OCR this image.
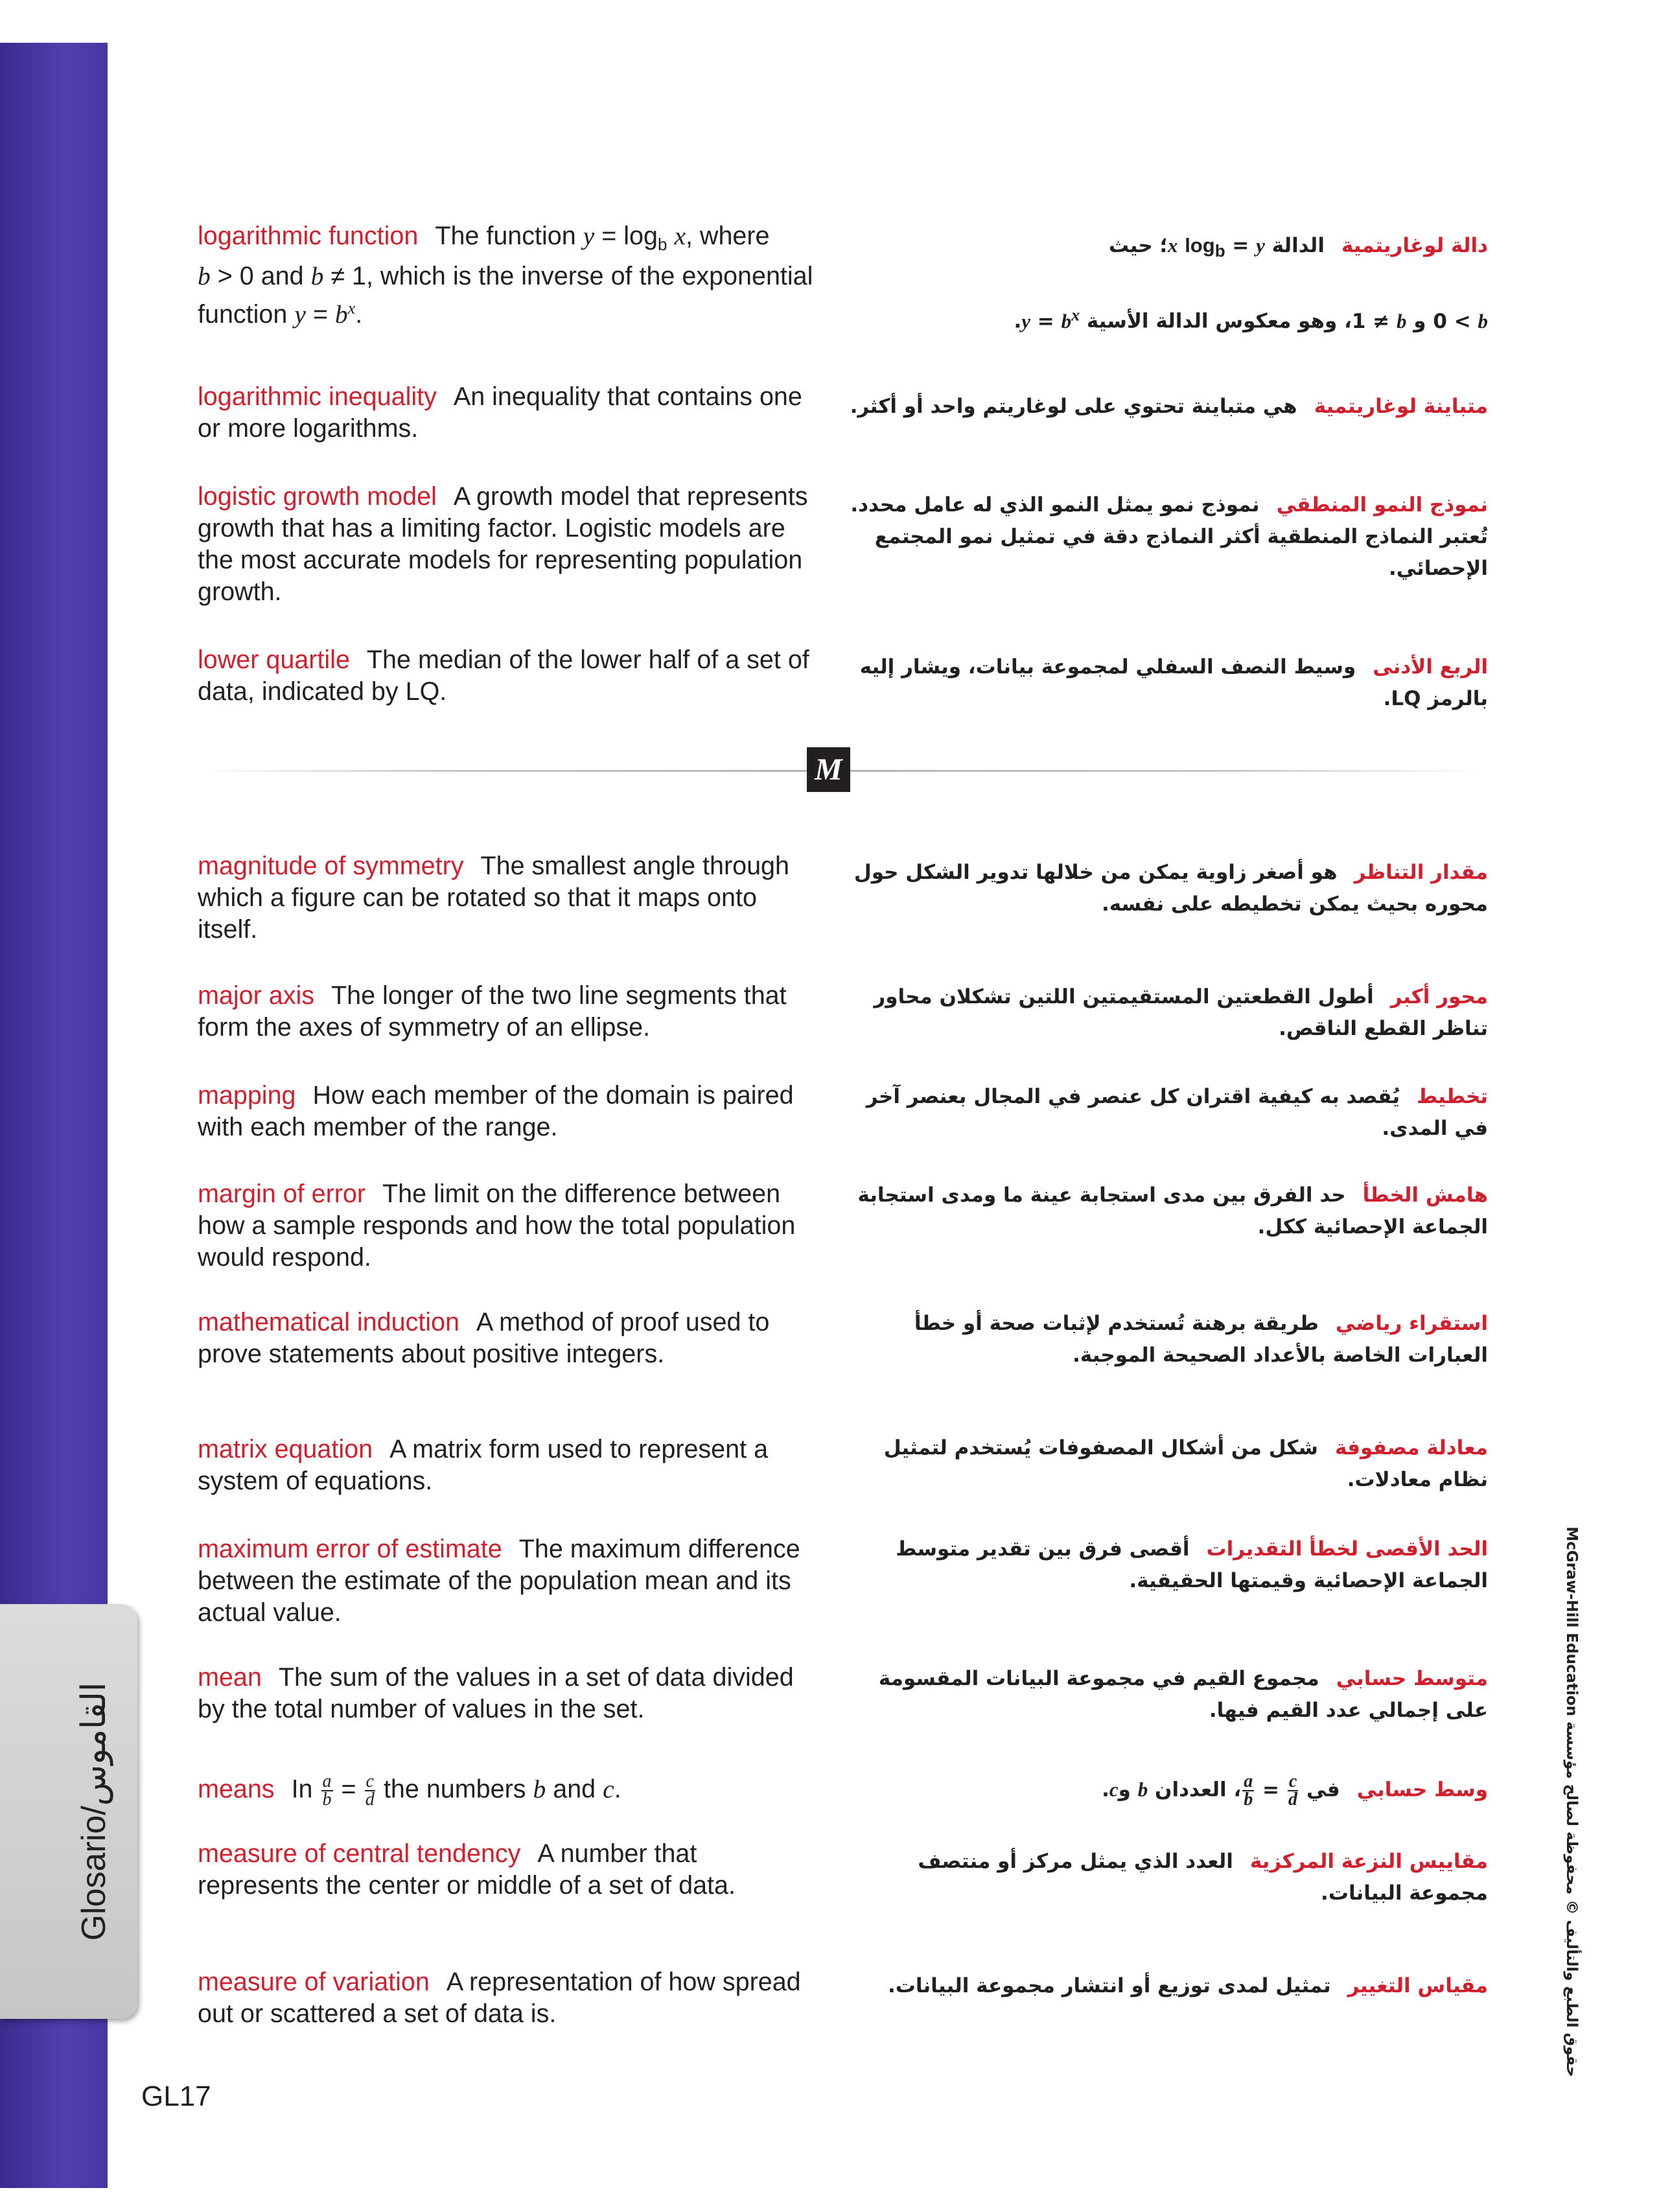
Glosario/القاموس
GL17
حقوق الطبع والتأليف © محفوظة لصالح مؤسسة McGraw-Hill Education
logarithmic function The function $y = \log_b x$, where
b > 0 and b ≠ 1, which is the inverse of the exponential function $y = b^x$.
دالة لوغاريتميةالدالة x $\log_b$ = y؛ حيث

0 < b و 1 ≠ b، وهو معكوس الدالة الأسية $y = b^x$.
logarithmic inequality An inequality that contains one or more logarithms.
متباينة لوغاريتميةهي متباينة تحتوي على لوغاريتم واحد أو أكثر.
logistic growth model A growth model that represents growth that has a limiting factor. Logistic models are the most accurate models for representing population growth.
نموذج النمو المنطقينموذج نمو يمثل النمو الذي له عامل محدد. تُعتبر النماذج المنطقية أكثر النماذج دقة في تمثيل نمو المجتمع الإحصائي.
lower quartile The median of the lower half of a set of data, indicated by LQ.
الربع الأدنىوسيط النصف السفلي لمجموعة بيانات، ويشار إليه بالرمز LQ.
M
magnitude of symmetry The smallest angle through which a figure can be rotated so that it maps onto itself.
مقدار التناظرهو أصغر زاوية يمكن من خلالها تدوير الشكل حول محوره بحيث يمكن تخطيطه على نفسه.
major axis The longer of the two line segments that form the axes of symmetry of an ellipse.
محور أكبرأطول القطعتين المستقيمتين اللتين تشكلان محاور تناظر القطع الناقص.
mapping How each member of the domain is paired with each member of the range.
تخطيطيُقصد به كيفية اقتران كل عنصر في المجال بعنصر آخر في المدى.
margin of error The limit on the difference between how a sample responds and how the total population would respond.
هامش الخطأحد الفرق بين مدى استجابة عينة ما ومدى استجابة الجماعة الإحصائية ككل.
mathematical induction A method of proof used to prove statements about positive integers.
استقراء رياضيطريقة برهنة تُستخدم لإثبات صحة أو خطأ العبارات الخاصة بالأعداد الصحيحة الموجبة.
matrix equation A matrix form used to represent a system of equations.
معادلة مصفوفةشكل من أشكال المصفوفات يُستخدم لتمثيل نظام معادلات.
maximum error of estimate The maximum difference between the estimate of the population mean and its actual value.
الحد الأقصى لخطأ التقديراتأقصى فرق بين تقدير متوسط الجماعة الإحصائية وقيمتها الحقيقية.
mean The sum of the values in a set of data divided by the total number of values in the set.
متوسط حسابيمجموع القيم في مجموعة البيانات المقسومة على إجمالي عدد القيم فيها.
means In $\frac{a}{b} = \frac{c}{d}$ the numbers b and c.	وسط حسابيفي
$\frac{a}{b} = \frac{c}{d}$
، العددان b وc.
measure of central tendency A number that represents the center or middle of a set of data.
مقاييس النزعة المركزيةالعدد الذي يمثل مركز أو منتصف مجموعة البيانات.
measure of variation A representation of how spread out or scattered a set of data is.
مقياس التغييرتمثيل لمدى توزيع أو انتشار مجموعة البيانات.
